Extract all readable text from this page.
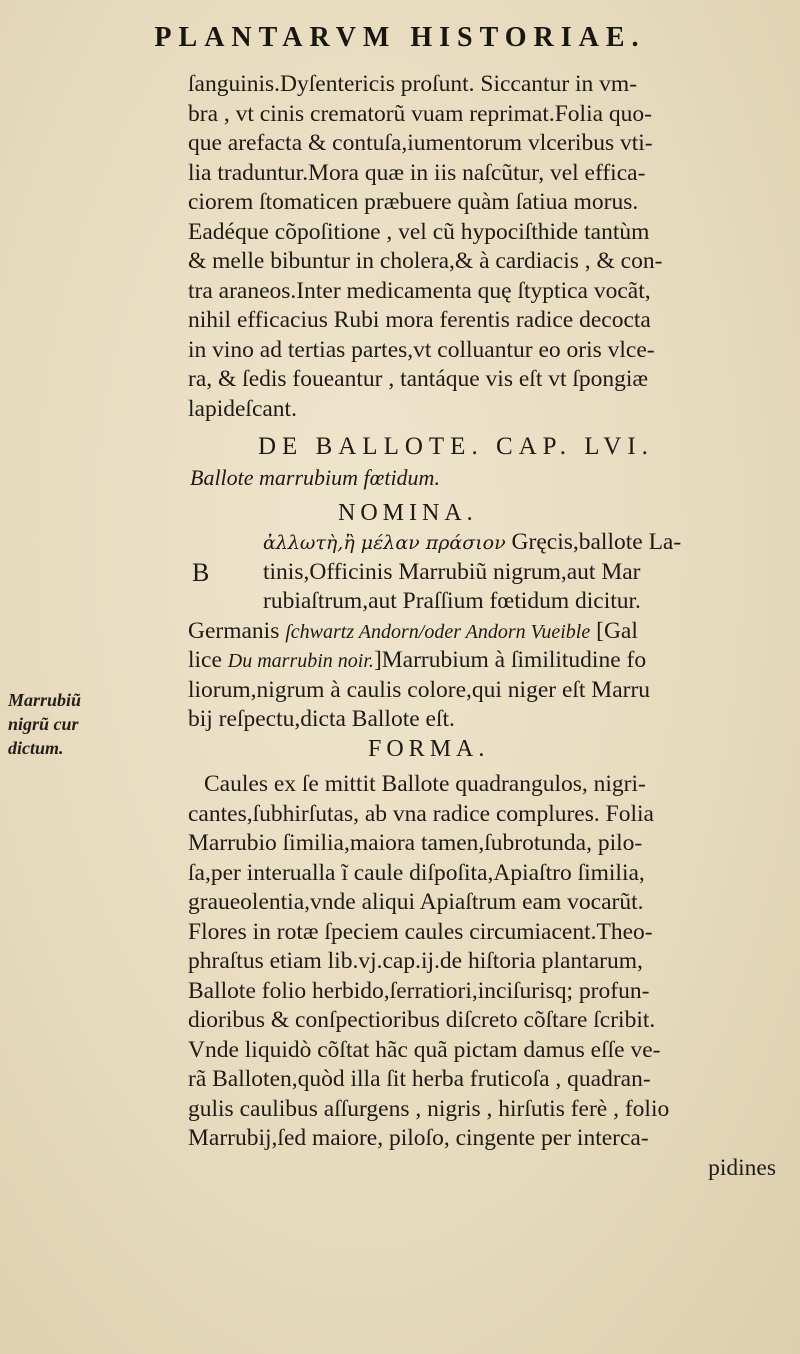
PLANTARVM HISTORIAE.
Marrubiũ
nigrũ cur
dictum.
ſanguinis.Dyſentericis proſunt. Siccantur in vm-
bra , vt cinis crematorũ vuam reprimat.Folia quo-
que arefacta & contuſa,iumentorum vlceribus vti-
lia traduntur.Mora quæ in iis naſcũtur, vel effica-
ciorem ſtomaticen præbuere quàm ſatiua morus.
Eadéque cõpoſitione , vel cũ hypociſthide tantùm
& melle bibuntur in cholera,& à cardiacis , & con-
tra araneos.Inter medicamenta quę ſtyptica vocãt,
nihil efficacius Rubi mora ferentis radice decocta
in vino ad tertias partes,vt colluantur eo oris vlce-
ra, & ſedis foueantur , tantáque vis eſt vt ſpongiæ
lapideſcant.
DE BALLOTE. CAP. LVI.
Ballote marrubium fœtidum.
NOMINA.
ἀλλωτὴ,ἢ μέλαν πράσιον Gręcis,ballote La-
B tinis,Officinis Marrubiũ nigrum,aut Mar
rubiaſtrum,aut Praſſium fœtidum dicitur.
Germanis ſchwartz Andorn/oder Andorn Vueible [Gal
lice Du marrubin noir.]Marrubium à ſimilitudine fo
liorum,nigrum à caulis colore,qui niger eſt Marru
bij reſpectu,dicta Ballote eſt.
FORMA.
Caules ex ſe mittit Ballote quadrangulos, nigri-
cantes,ſubhirſutas, ab vna radice complures. Folia
Marrubio ſimilia,maiora tamen,ſubrotunda, pilo-
ſa,per interualla ĩ caule diſpoſita,Apiaſtro ſimilia,
graueolentia,vnde aliqui Apiaſtrum eam vocarũt.
Flores in rotæ ſpeciem caules circumiacent.Theo-
phraſtus etiam lib.vj.cap.ij.de hiſtoria plantarum,
Ballote folio herbido,ſerratiori,inciſurisq; profun-
dioribus & conſpectioribus diſcreto cõſtare ſcribit.
Vnde liquidò cõſtat hãc quã pictam damus eſſe ve-
rã Balloten,quòd illa ſit herba fruticoſa , quadran-
gulis caulibus aſſurgens , nigris , hirſutis ferè , folio
Marrubij,ſed maiore, piloſo, cingente per interca-
pidines
